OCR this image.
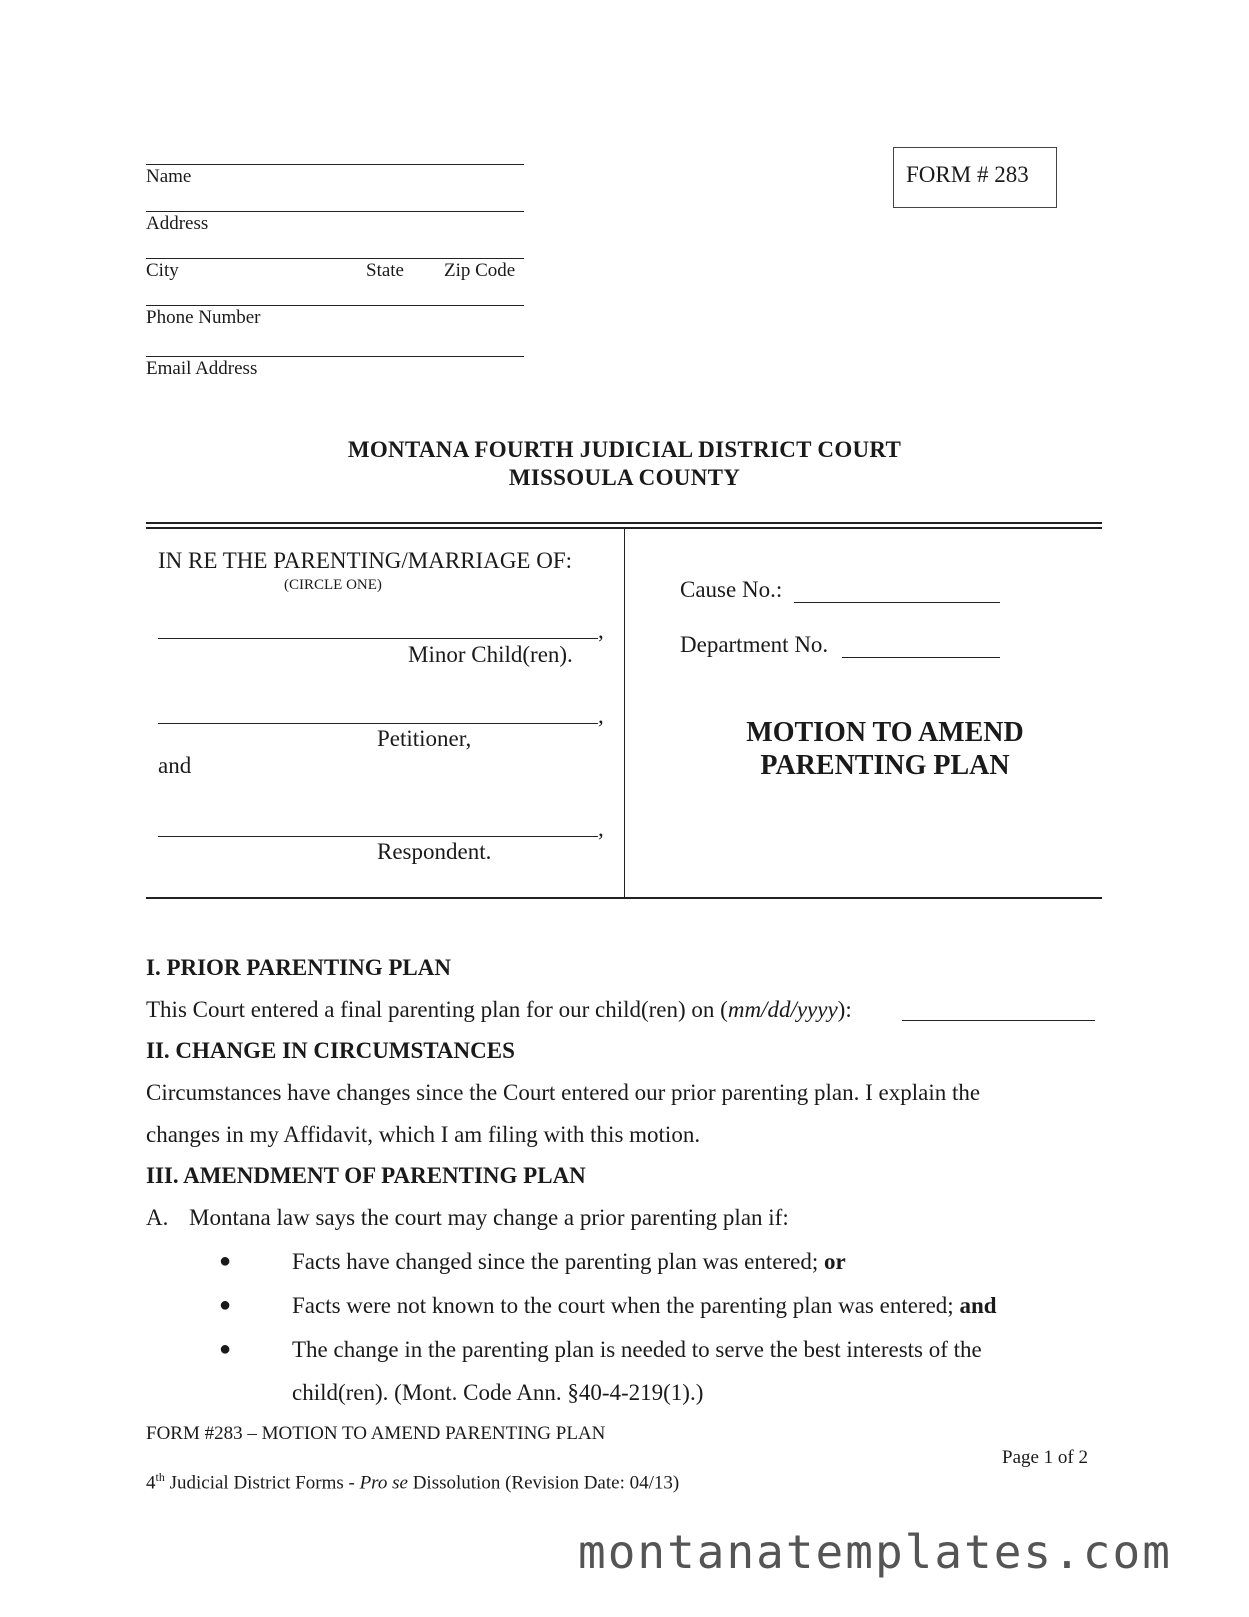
Name
Address
City	State Zip Code
Phone Number
Email Address
FORM # 283
MONTANA FOURTH JUDICIAL DISTRICT COURT
MISSOULA COUNTY
IN RE THE PARENTING/MARRIAGE OF:
(CIRCLE ONE)
,
Minor Child(ren).
,
Petitioner,
and
,
Respondent.
Cause No.:
Department No.
MOTION TO AMEND
PARENTING PLAN
I. PRIOR PARENTING PLAN
This Court entered a final parenting plan for our child(ren) on (mm/dd/yyyy):
II. CHANGE IN CIRCUMSTANCES
Circumstances have changes since the Court entered our prior parenting plan. I explain the
changes in my Affidavit, which I am filing with this motion.
III. AMENDMENT OF PARENTING PLAN
A. Montana law says the court may change a prior parenting plan if:
●	Facts have changed since the parenting plan was entered; or
●	Facts were not known to the court when the parenting plan was entered; and
●	The change in the parenting plan is needed to serve the best interests of the
child(ren). (Mont. Code Ann. §40-4-219(1).)
FORM #283 – MOTION TO AMEND PARENTING PLAN
Page 1 of 2
4th Judicial District Forms - Pro se Dissolution (Revision Date: 04/13)
montanatemplates.com
